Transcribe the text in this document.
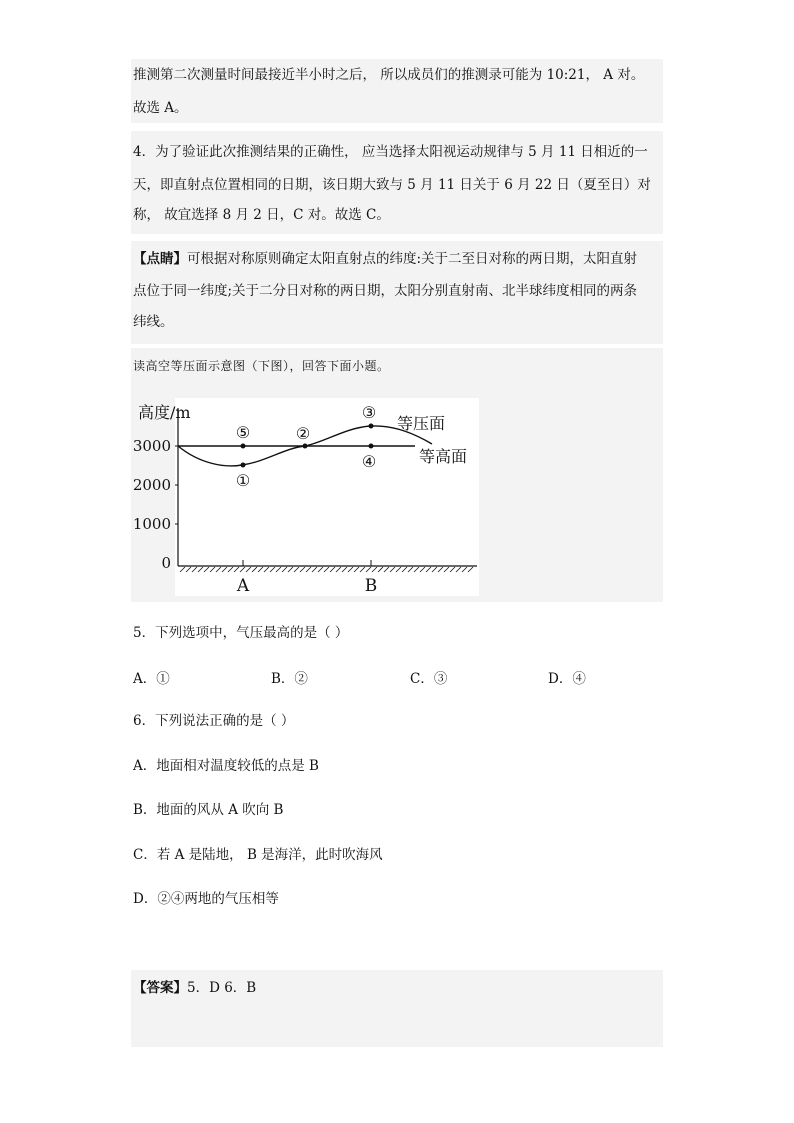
推测第二次测量时间最接近半小时之后， 所以成员们的推测录可能为 10:21， A 对。
故选 A。
4．为了验证此次推测结果的正确性， 应当选择太阳视运动规律与 5 月 11 日相近的一
天，即直射点位置相同的日期，该日期大致与 5 月 11 日关于 6 月 22 日（夏至日）对
称， 故宜选择 8 月 2 日，C 对。故选 C。
【点睛】可根据对称原则确定太阳直射点的纬度:关于二至日对称的两日期，太阳直射
点位于同一纬度;关于二分日对称的两日期，太阳分别直射南、北半球纬度相同的两条
纬线。
读高空等压面示意图（下图），回答下面小题。
高度/m
3000
2000
1000
0
A	B
①
②
③
④
⑤	等压面
等高面
5．下列选项中，气压最高的是（ ）
A．①	B．②	C．③	D．④
6．下列说法正确的是（ ）
A．地面相对温度较低的点是 B
B．地面的风从 A 吹向 B
C．若 A 是陆地， B 是海洋，此时吹海风
D．②④两地的气压相等
【答案】5．D 6．B
